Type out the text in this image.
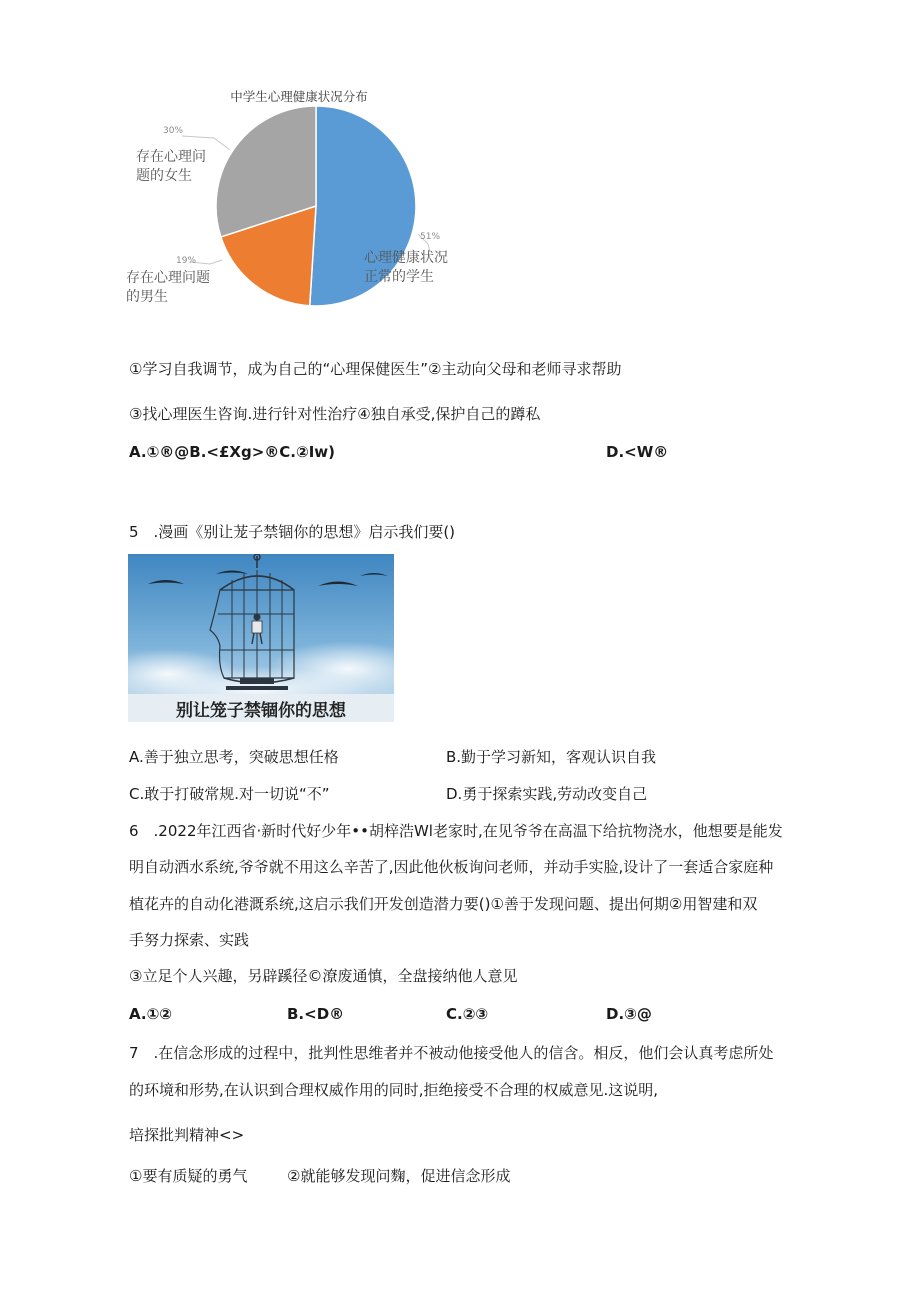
中学生心理健康状况分布
30%
存在心理问
题的女生
19%
存在心理问题
的男生
51%
心理健康状况
正常的学生
①学习自我调节，成为自己的“心理保健医生”②主动向父母和老师寻求帮助
③找心理医生咨询.进行针对性治疗④独自承受,保护自己的蹲私
A.①®@B.<£Xg>®C.②Iw)	D.<W®
5　.漫画《别让茏子禁锢你的思想》启示我们要()
别让笼子禁锢你的思想
A.善于独立思考，突破思想任格	B.勤于学习新知，客观认识自我
C.敢于打破常规.对一切说“不”	D.勇于探索实践,劳动改变自己
6　.2022年江西省·新时代好少年••胡梓浩Wl老家时,在见爷爷在高温下给抗物浇水，他想要是能发
明自动洒水系统,爷爷就不用这么辛苦了,因此他伙板询问老师，并动手实脸,设计了一套适合家庭种
植花卉的自动化港溉系统,这启示我们开发创造潜力要()①善于发现问题、提出何期②用智建和双
手努力探索、实践
③立足个人兴趣，另辟蹊径©潦废通慎，全盘接纳他人意见
A.①②	B.<D®	C.②③	D.③@
7　.在信念形成的过程中，批判性思维者并不被动他接受他人的信含。相反，他们会认真考虑所处
的环境和形势,在认识到合理权威作用的同时,拒绝接受不合理的权威意见.这说明,
培探批判精神<>
①要有质疑的勇气	②就能够发现问麴，促进信念形成
